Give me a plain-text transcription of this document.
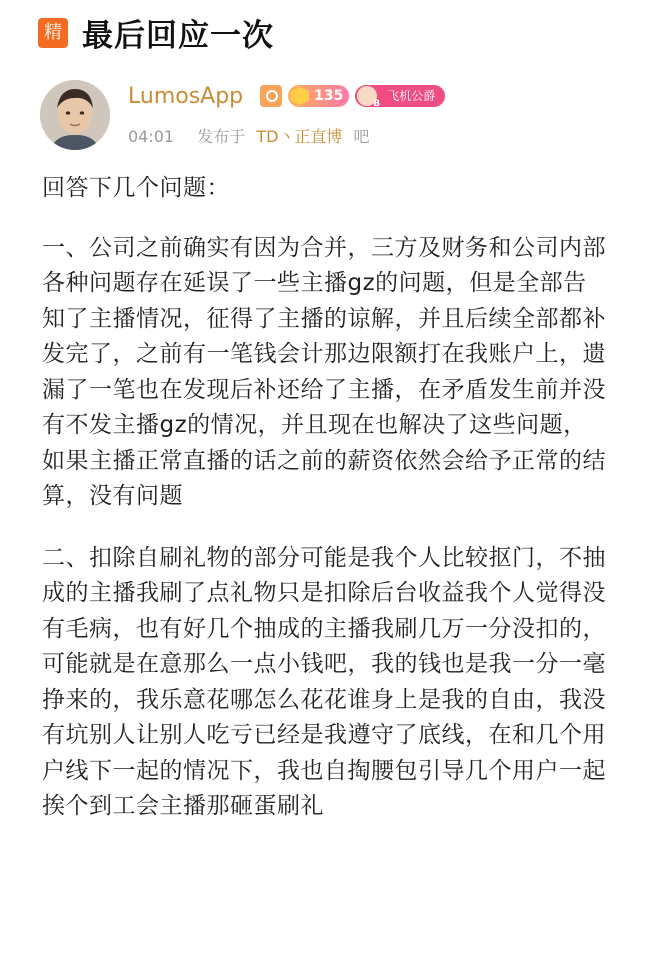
精 最后回应一次
LumosApp	135	B
飞机公爵
04:01 发布于 TD丶正直博 吧

回答下几个问题：

一、公司之前确实有因为合并，三方及财务和公司内部各种问题存在延误了一些主播gz的问题，但是全部告知了主播情况，征得了主播的谅解，并且后续全部都补发完了，之前有一笔钱会计那边限额打在我账户上，遗漏了一笔也在发现后补还给了主播，在矛盾发生前并没有不发主播gz的情况，并且现在也解决了这些问题，如果主播正常直播的话之前的薪资依然会给予正常的结算，没有问题

二、扣除自刷礼物的部分可能是我个人比较抠门，不抽成的主播我刷了点礼物只是扣除后台收益我个人觉得没有毛病，也有好几个抽成的主播我刷几万一分没扣的，可能就是在意那么一点小钱吧，我的钱也是我一分一毫挣来的，我乐意花哪怎么花花谁身上是我的自由，我没有坑别人让别人吃亏已经是我遵守了底线，在和几个用户线下一起的情况下，我也自掏腰包引导几个用户一起挨个到工会主播那砸蛋刷礼
